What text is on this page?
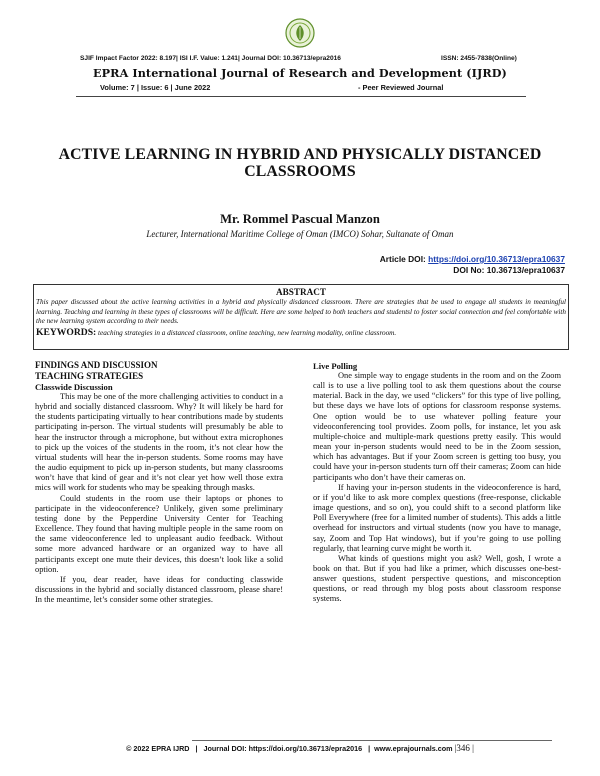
SJIF Impact Factor 2022: 8.197| ISI I.F. Value: 1.241| Journal DOI: 10.36713/epra2016	ISSN: 2455-7838(Online)
EPRA International Journal of Research and Development (IJRD)
Volume: 7 | Issue: 6 | June 2022	- Peer Reviewed Journal
ACTIVE LEARNING IN HYBRID AND PHYSICALLY DISTANCED
CLASSROOMS
Mr. Rommel Pascual Manzon
Lecturer, International Maritime College of Oman (IMCO) Sohar, Sultanate of Oman
Article DOI: https://doi.org/10.36713/epra10637
DOI No: 10.36713/epra10637
ABSTRACT
This paper discussed about the active learning activities in a hybrid and physically disdanced classroom. There are strategies that be used to engage all students in meaningful learning. Teaching and learning in these types of classrooms will be difficult. Here are some helped to both teachers and studentsl to foster social connection and feel comfortable with the new learning system according to their needs.
KEYWORDS: teaching strategies in a distanced classroom, online teaching, new learning modality, online classroom.
FINDINGS AND DISCUSSION
TEACHING STRATEGIES
Classwide Discussion

This may be one of the more challenging activities to conduct in a hybrid and socially distanced classroom. Why? It will likely be hard for the students participating virtually to hear contributions made by students participating in-person. The virtual students will presumably be able to hear the instructor through a microphone, but without extra microphones to pick up the voices of the students in the room, it’s not clear how the virtual students will hear the in-person students. Some rooms may have the audio equipment to pick up in-person students, but many classrooms won’t have that kind of gear and it’s not clear yet how well those extra mics will work for students who may be speaking through masks.

Could students in the room use their laptops or phones to participate in the videoconference? Unlikely, given some preliminary testing done by the Pepperdine University Center for Teaching Excellence. They found that having multiple people in the same room on the same videoconference led to unpleasant audio feedback. Without some more advanced hardware or an organized way to have all participants except one mute their devices, this doesn’t look like a solid option.

If you, dear reader, have ideas for conducting classwide discussions in the hybrid and socially distanced classroom, please share! In the meantime, let’s consider some other strategies.

Live Polling

One simple way to engage students in the room and on the Zoom call is to use a live polling tool to ask them questions about the course material. Back in the day, we used “clickers” for this type of live polling, but these days we have lots of options for classroom response systems. One option would be to use whatever polling feature your videoconferencing tool provides. Zoom polls, for instance, let you ask multiple-choice and multiple-mark questions pretty easily. This would mean your in-person students would need to be in the Zoom session, which has advantages. But if your Zoom screen is getting too busy, you could have your in-person students turn off their cameras; Zoom can hide participants who don’t have their cameras on.

If having your in-person students in the videoconference is hard, or if you’d like to ask more complex questions (free-response, clickable image questions, and so on), you could shift to a second platform like Poll Everywhere (free for a limited number of students). This adds a little overhead for instructors and virtual students (now you have to manage, say, Zoom and Top Hat windows), but if you’re going to use polling regularly, that learning curve might be worth it.

What kinds of questions might you ask? Well, gosh, I wrote a book on that. But if you had like a primer, which discusses one-best-answer questions, student perspective questions, and misconception questions, or read through my blog posts about classroom response systems.

© 2022 EPRA IJRD | Journal DOI: https://doi.org/10.36713/epra2016 | www.eprajournals.com |346 |
